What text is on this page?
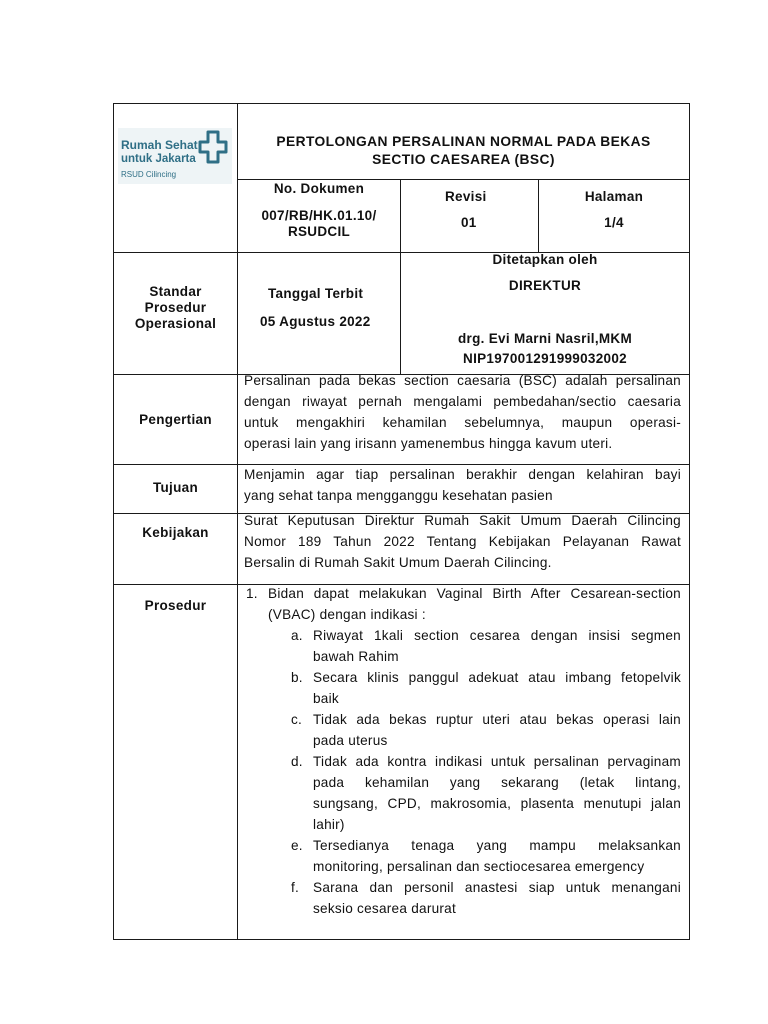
Rumah Sehat
untuk Jakarta
RSUD Cilincing
PERTOLONGAN PERSALINAN NORMAL PADA BEKAS
SECTIO CAESAREA (BSC)
No. Dokumen
007/RB/HK.01.10/
RSUDCIL
Revisi
01
Halaman
1/4
Standar
Prosedur
Operasional
Tanggal Terbit
05 Agustus 2022
Ditetapkan oleh
DIREKTUR
drg. Evi Marni Nasril,MKM
NIP197001291999032002
Pengertian
Persalinan pada bekas section caesaria (BSC) adalah persalinan
dengan riwayat pernah mengalami pembedahan/sectio caesaria
untuk mengakhiri kehamilan sebelumnya, maupun operasi-
operasi lain yang irisann yamenembus hingga kavum uteri.
Tujuan
Menjamin agar tiap persalinan berakhir dengan kelahiran bayi
yang sehat tanpa mengganggu kesehatan pasien
Kebijakan
Surat Keputusan Direktur Rumah Sakit Umum Daerah Cilincing
Nomor 189 Tahun 2022 Tentang Kebijakan Pelayanan Rawat
Bersalin di Rumah Sakit Umum Daerah Cilincing.
Prosedur
1. Bidan dapat melakukan Vaginal Birth After Cesarean-section
(VBAC) dengan indikasi :
a. Riwayat 1kali section cesarea dengan insisi segmen
bawah Rahim
b. Secara klinis panggul adekuat atau imbang fetopelvik
baik
c. Tidak ada bekas ruptur uteri atau bekas operasi lain
pada uterus
d. Tidak ada kontra indikasi untuk persalinan pervaginam
pada kehamilan yang sekarang (letak lintang,
sungsang, CPD, makrosomia, plasenta menutupi jalan
lahir)
e. Tersedianya tenaga yang mampu melaksankan
monitoring, persalinan dan sectiocesarea emergency
f. Sarana dan personil anastesi siap untuk menangani
seksio cesarea darurat
